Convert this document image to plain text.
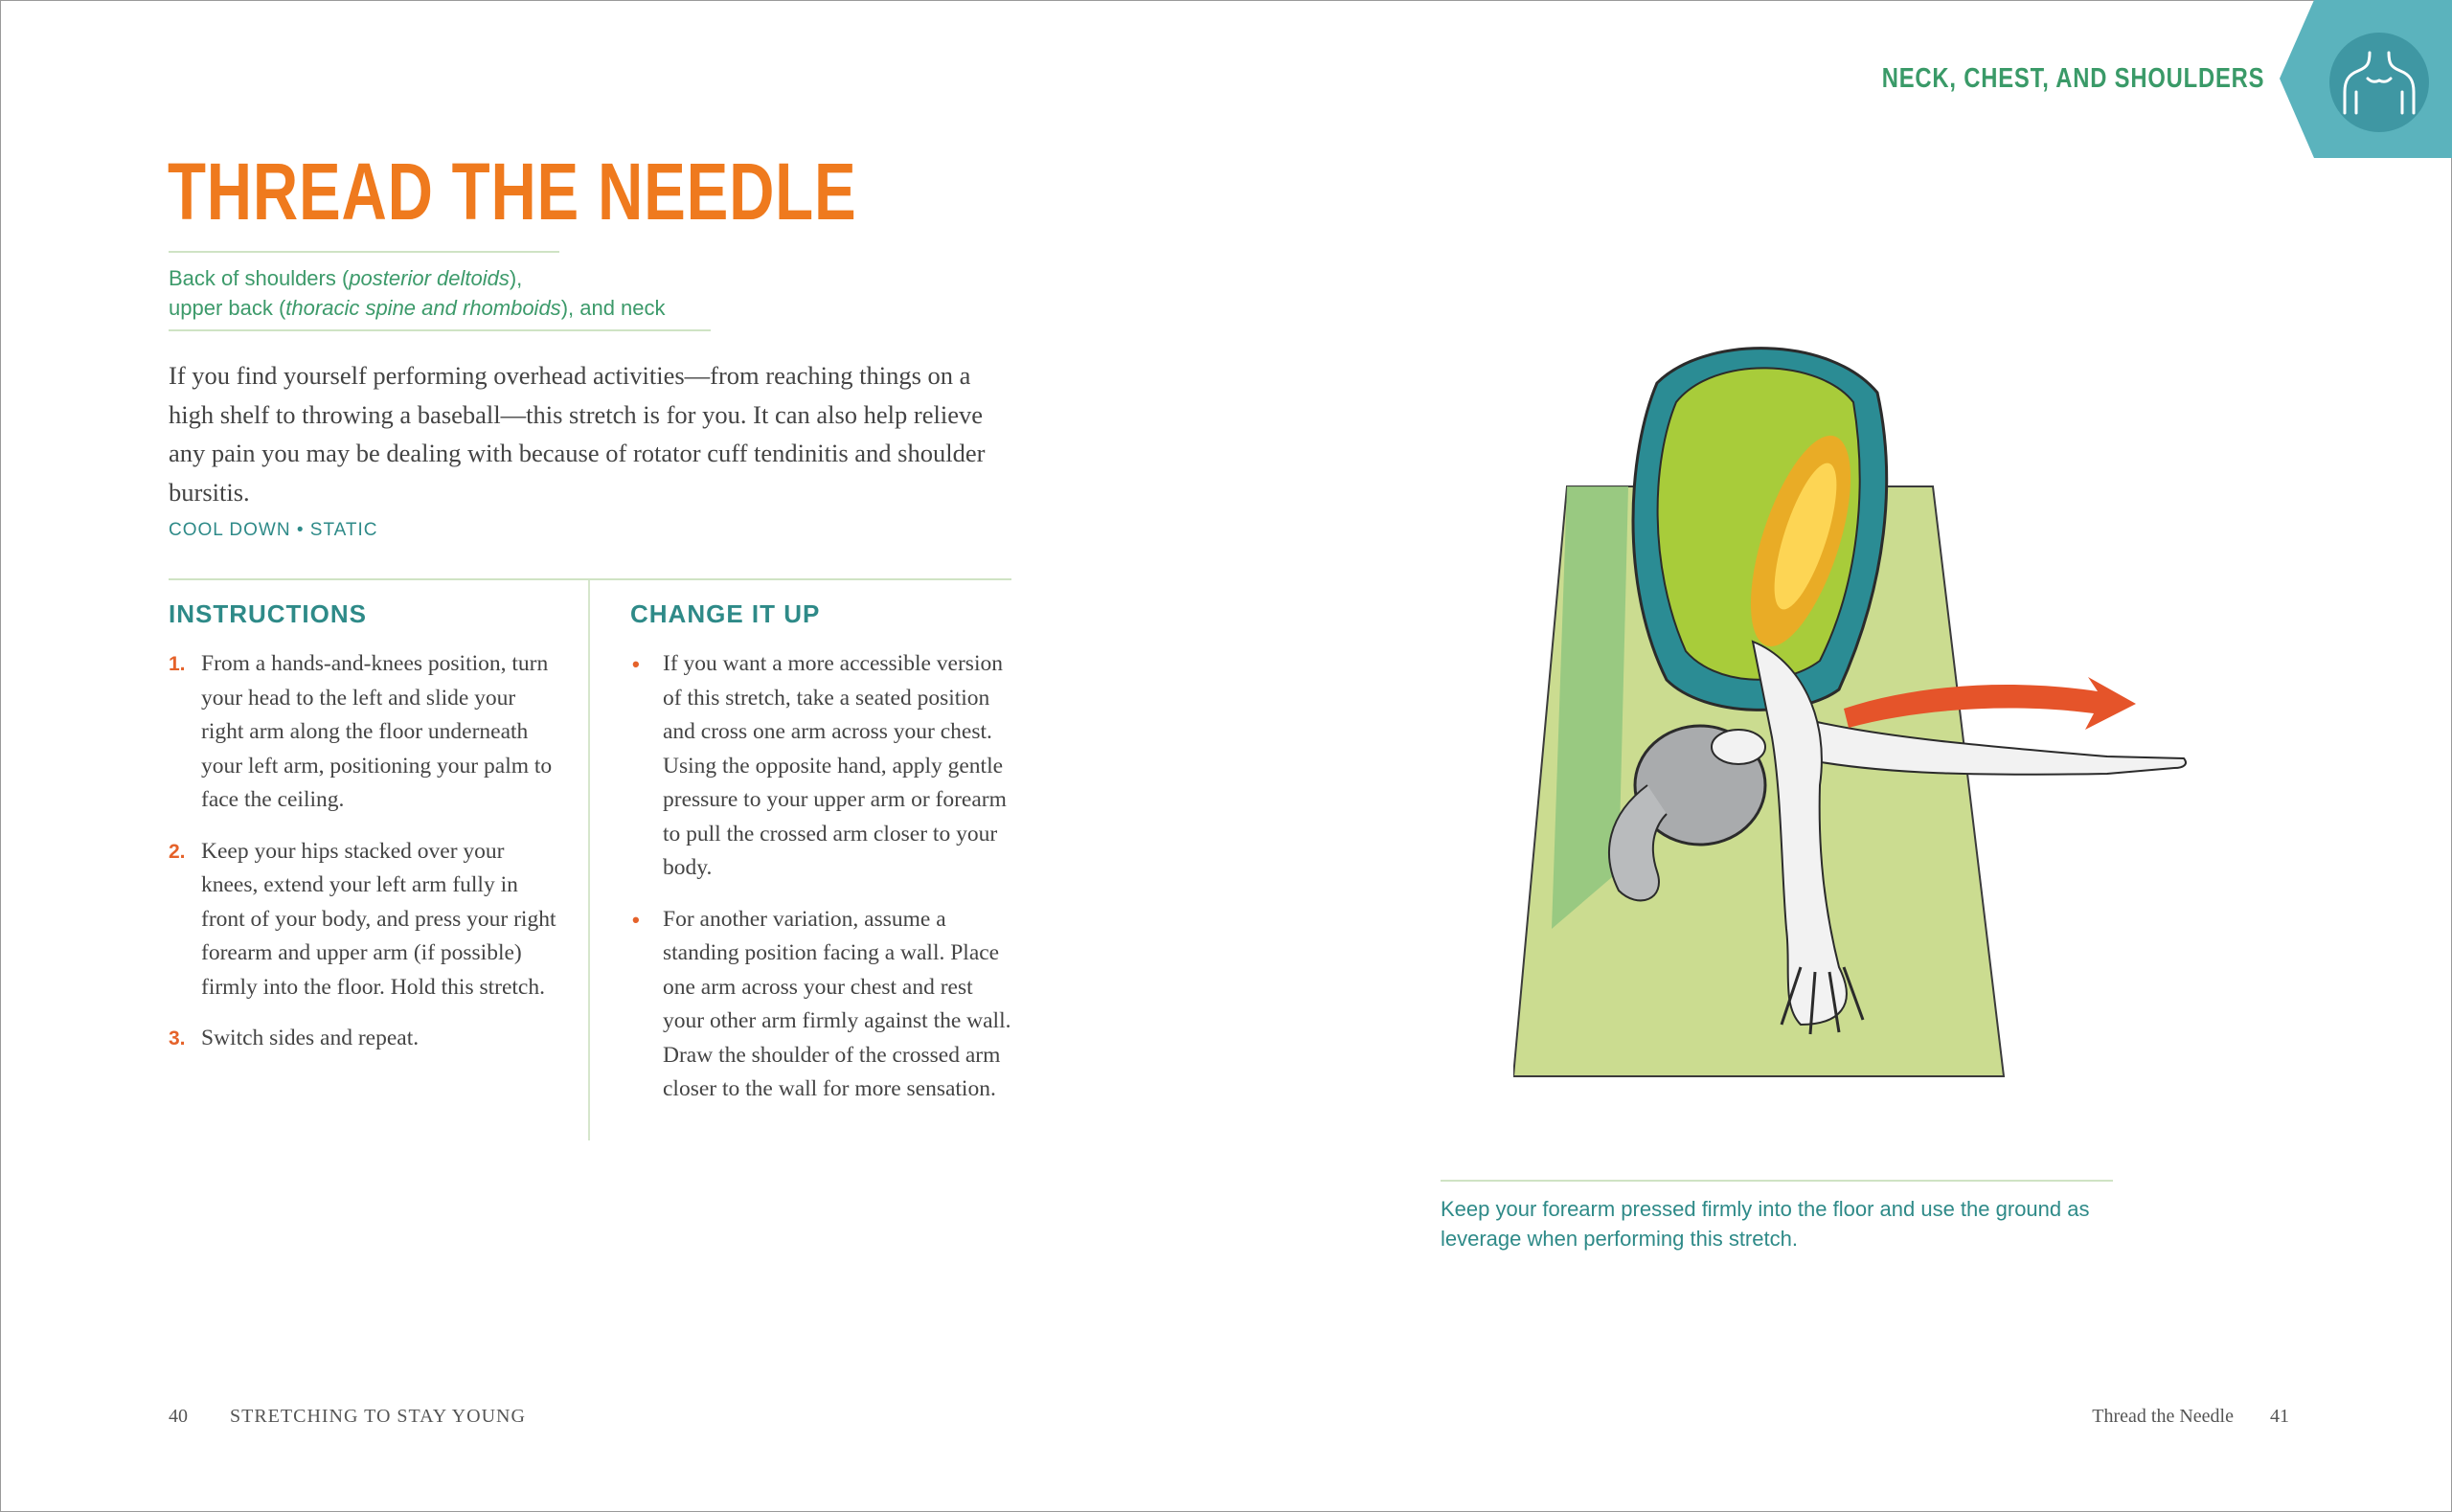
NECK, CHEST, AND SHOULDERS
THREAD THE NEEDLE
Back of shoulders (posterior deltoids),
upper back (thoracic spine and rhomboids), and neck

If you find yourself performing overhead activities—from reaching things on a high shelf to throwing a baseball—this stretch is for you. It can also help relieve any pain you may be dealing with because of rotator cuff tendinitis and shoulder bursitis.

COOL DOWN • STATIC
INSTRUCTIONS
1. From a hands-and-knees position, turn your head to the left and slide your right arm along the floor underneath your left arm, positioning your palm to face the ceiling.
2. Keep your hips stacked over your knees, extend your left arm fully in front of your body, and press your right forearm and upper arm (if possible) firmly into the floor. Hold this stretch.
3. Switch sides and repeat.
CHANGE IT UP
• If you want a more accessible version of this stretch, take a seated position and cross one arm across your chest. Using the opposite hand, apply gentle pressure to your upper arm or forearm to pull the crossed arm closer to your body.
• For another variation, assume a standing position facing a wall. Place one arm across your chest and rest your other arm firmly against the wall. Draw the shoulder of the crossed arm closer to the wall for more sensation.
Keep your forearm pressed firmly into the floor and use the ground as leverage when performing this stretch.
40 STRETCHING TO STAY YOUNG	Thread the Needle 41
